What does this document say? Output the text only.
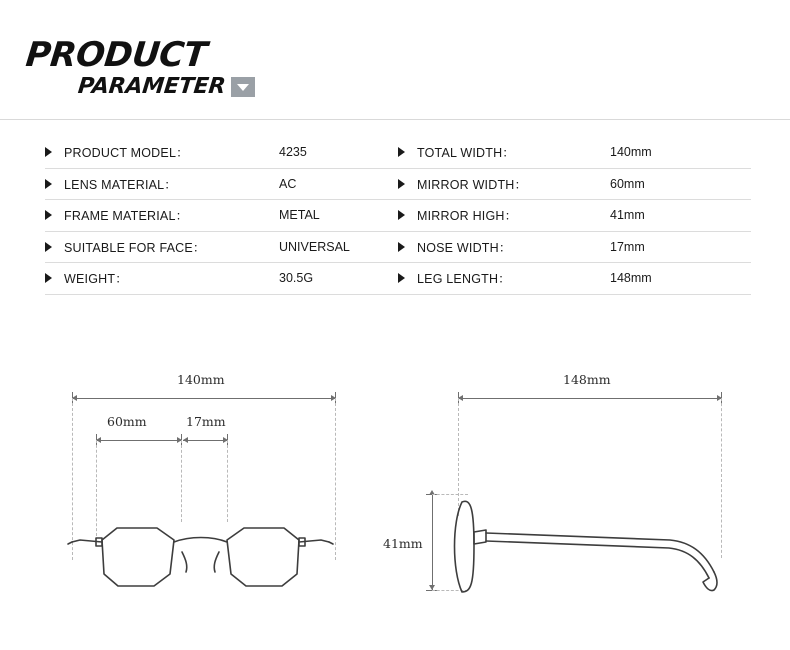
PRODUCT
PARAMETER
PRODUCT MODEL：	4235
LENS MATERIAL：	AC
FRAME MATERIAL：	METAL
SUITABLE FOR FACE：	UNIVERSAL
WEIGHT：	30.5G
TOTAL WIDTH：	140mm
MIRROR WIDTH：	60mm
MIRROR HIGH：	41mm
NOSE WIDTH：	17mm
LEG LENGTH：	148mm
140mm
60mm	17mm
148mm
41mm
